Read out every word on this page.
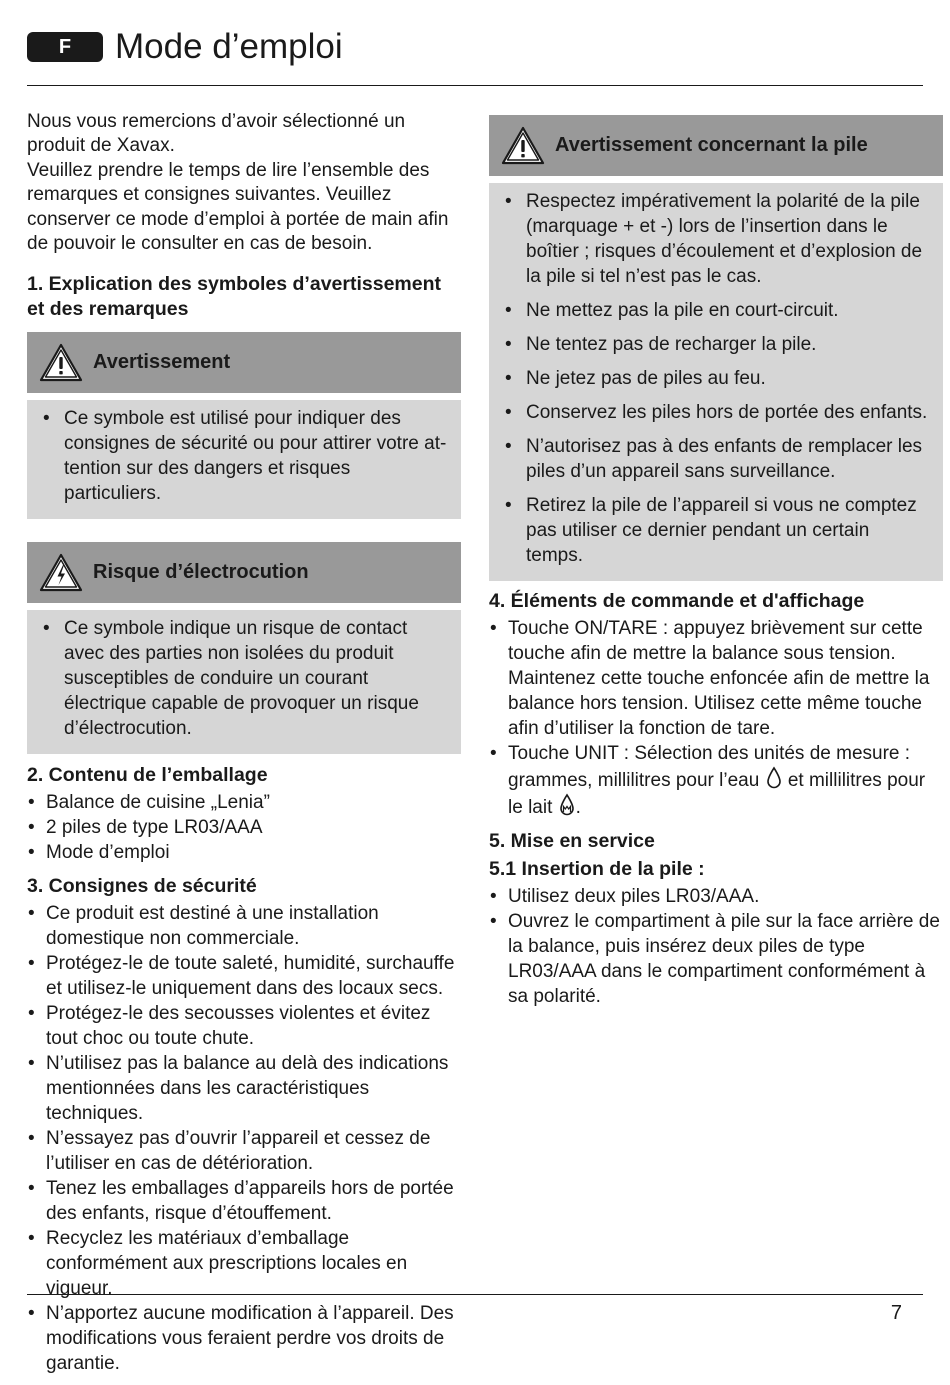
F	Mode d’emploi

Nous vous remercions d’avoir sélectionné un produit de Xavax.

Veuillez prendre le temps de lire l’ensemble des remarques et consignes suivantes. Veuillez conserver ce mode d’emploi à portée de main afin de pouvoir le consulter en cas de besoin.

1. Explication des symboles d’avertissement et des remarques
Avertissement
• Ce symbole est utilisé pour indiquer des consignes de sécurité ou pour attirer votre at-tention sur des dangers et risques particuliers.
Risque d’électrocution
• Ce symbole indique un risque de contact avec des parties non isolées du produit susceptibles de conduire un courant électrique capable de provoquer un risque d’électrocution.
2. Contenu de l’emballage
• Balance de cuisine „Lenia”
• 2 piles de type LR03/AAA
• Mode d’emploi
3. Consignes de sécurité
• Ce produit est destiné à une installation domestique non commerciale.
• Protégez-le de toute saleté, humidité, surchauffe et utilisez-le uniquement dans des locaux secs.
• Protégez-le des secousses violentes et évitez tout choc ou toute chute.
• N’utilisez pas la balance au delà des indications mentionnées dans les caractéristiques techniques.
• N’essayez pas d’ouvrir l’appareil et cessez de l’utiliser en cas de détérioration.
• Tenez les emballages d’appareils hors de portée des enfants, risque d’étouffement.
• Recyclez les matériaux d’emballage conformément aux prescriptions locales en vigueur.
• N’apportez aucune modification à l’appareil. Des modifications vous feraient perdre vos droits de garantie.
Avertissement concernant la pile
• Respectez impérativement la polarité de la pile (marquage + et -) lors de l’insertion dans le boîtier ; risques d’écoulement et d’explosion de la pile si tel n’est pas le cas.
• Ne mettez pas la pile en court-circuit.
• Ne tentez pas de recharger la pile.
• Ne jetez pas de piles au feu.
• Conservez les piles hors de portée des enfants.
• N’autorisez pas à des enfants de remplacer les piles d’un appareil sans surveillance.
• Retirez la pile de l’appareil si vous ne comptez pas utiliser ce dernier pendant un certain temps.
4. Éléments de commande et d'affichage
• Touche ON/TARE : appuyez brièvement sur cette touche afin de mettre la balance sous tension. Maintenez cette touche enfoncée afin de mettre la balance hors tension. Utilisez cette même touche afin d’utiliser la fonction de tare.
• Touche UNIT : Sélection des unités de mesure : grammes, millilitres pour l’eau et millilitres pour le lait .
5. Mise en service
5.1 Insertion de la pile :
• Utilisez deux piles LR03/AAA.
• Ouvrez le compartiment à pile sur la face arrière de la balance, puis insérez deux piles de type LR03/AAA dans le compartiment conformément à sa polarité.
7
